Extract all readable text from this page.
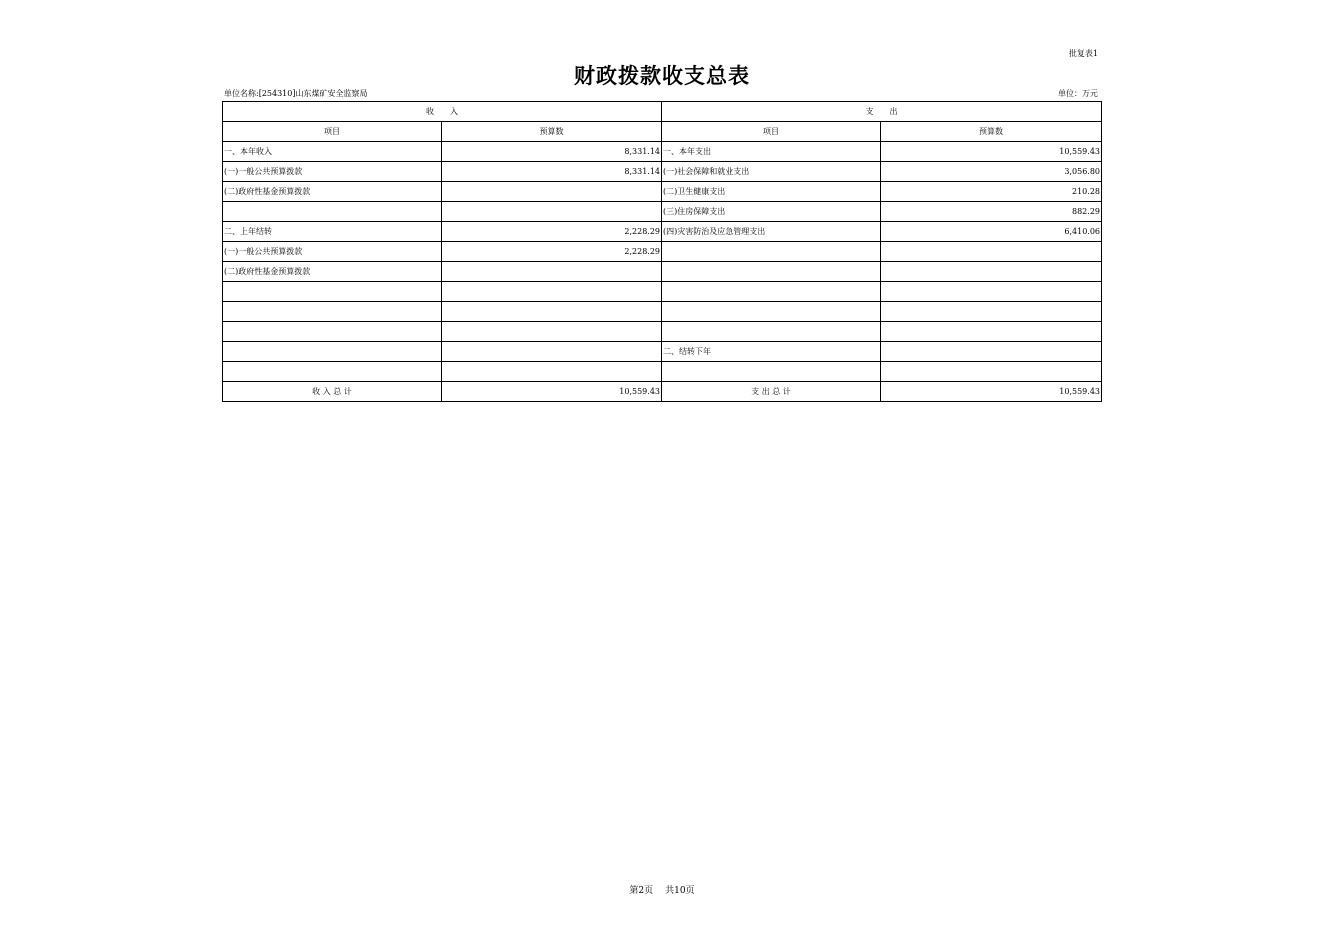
批复表1
财政拨款收支总表
单位名称:[254310]山东煤矿安全监察局	单位：万元
收　　入		支　　出	
项目	预算数	项目	预算数
一、本年收入	8,331.14	一、本年支出	10,559.43
(一)一般公共预算拨款	8,331.14	(一)社会保障和就业支出	3,056.80
(二)政府性基金预算拨款		(二)卫生健康支出	210.28
		(三)住房保障支出	882.29
二、上年结转	2,228.29	(四)灾害防治及应急管理支出	6,410.06
(一)一般公共预算拨款	2,228.29		
(二)政府性基金预算拨款			

		二、结转下年	

收 入 总 计	10,559.43	支 出 总 计	10,559.43
第2页 共10页
